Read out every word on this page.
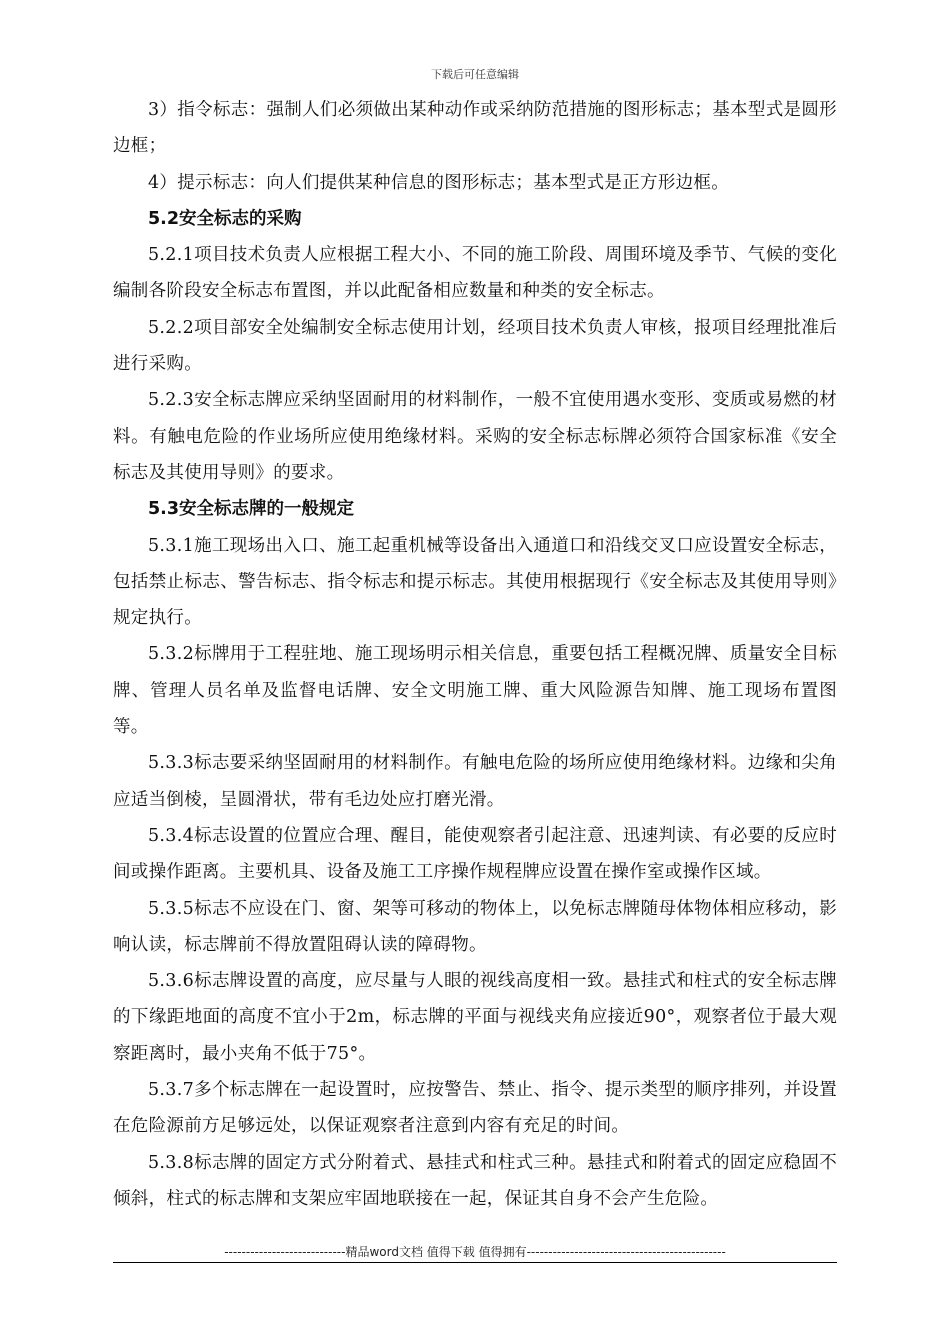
下载后可任意编辑

3）指令标志：强制人们必须做出某种动作或采纳防范措施的图形标志；基本型式是圆形边框；

4）提示标志：向人们提供某种信息的图形标志；基本型式是正方形边框。

5.2安全标志的采购

5.2.1项目技术负责人应根据工程大小、不同的施工阶段、周围环境及季节、气候的变化编制各阶段安全标志布置图，并以此配备相应数量和种类的安全标志。

5.2.2项目部安全处编制安全标志使用计划，经项目技术负责人审核，报项目经理批准后进行采购。

5.2.3安全标志牌应采纳坚固耐用的材料制作，一般不宜使用遇水变形、变质或易燃的材料。有触电危险的作业场所应使用绝缘材料。采购的安全标志标牌必须符合国家标准《安全标志及其使用导则》的要求。

5.3安全标志牌的一般规定

5.3.1施工现场出入口、施工起重机械等设备出入通道口和沿线交叉口应设置安全标志，包括禁止标志、警告标志、指令标志和提示标志。其使用根据现行《安全标志及其使用导则》规定执行。

5.3.2标牌用于工程驻地、施工现场明示相关信息，重要包括工程概况牌、质量安全目标牌、管理人员名单及监督电话牌、安全文明施工牌、重大风险源告知牌、施工现场布置图等。

5.3.3标志要采纳坚固耐用的材料制作。有触电危险的场所应使用绝缘材料。边缘和尖角应适当倒棱，呈圆滑状，带有毛边处应打磨光滑。

5.3.4标志设置的位置应合理、醒目，能使观察者引起注意、迅速判读、有必要的反应时间或操作距离。主要机具、设备及施工工序操作规程牌应设置在操作室或操作区域。

5.3.5标志不应设在门、窗、架等可移动的物体上，以免标志牌随母体物体相应移动，影响认读，标志牌前不得放置阻碍认读的障碍物。

5.3.6标志牌设置的高度，应尽量与人眼的视线高度相一致。悬挂式和柱式的安全标志牌的下缘距地面的高度不宜小于2m，标志牌的平面与视线夹角应接近90°，观察者位于最大观察距离时，最小夹角不低于75°。

5.3.7多个标志牌在一起设置时，应按警告、禁止、指令、提示类型的顺序排列，并设置在危险源前方足够远处，以保证观察者注意到内容有充足的时间。

5.3.8标志牌的固定方式分附着式、悬挂式和柱式三种。悬挂式和附着式的固定应稳固不倾斜，柱式的标志牌和支架应牢固地联接在一起，保证其自身不会产生危险。

----------------------------精品word文档 值得下载 值得拥有----------------------------------------------
